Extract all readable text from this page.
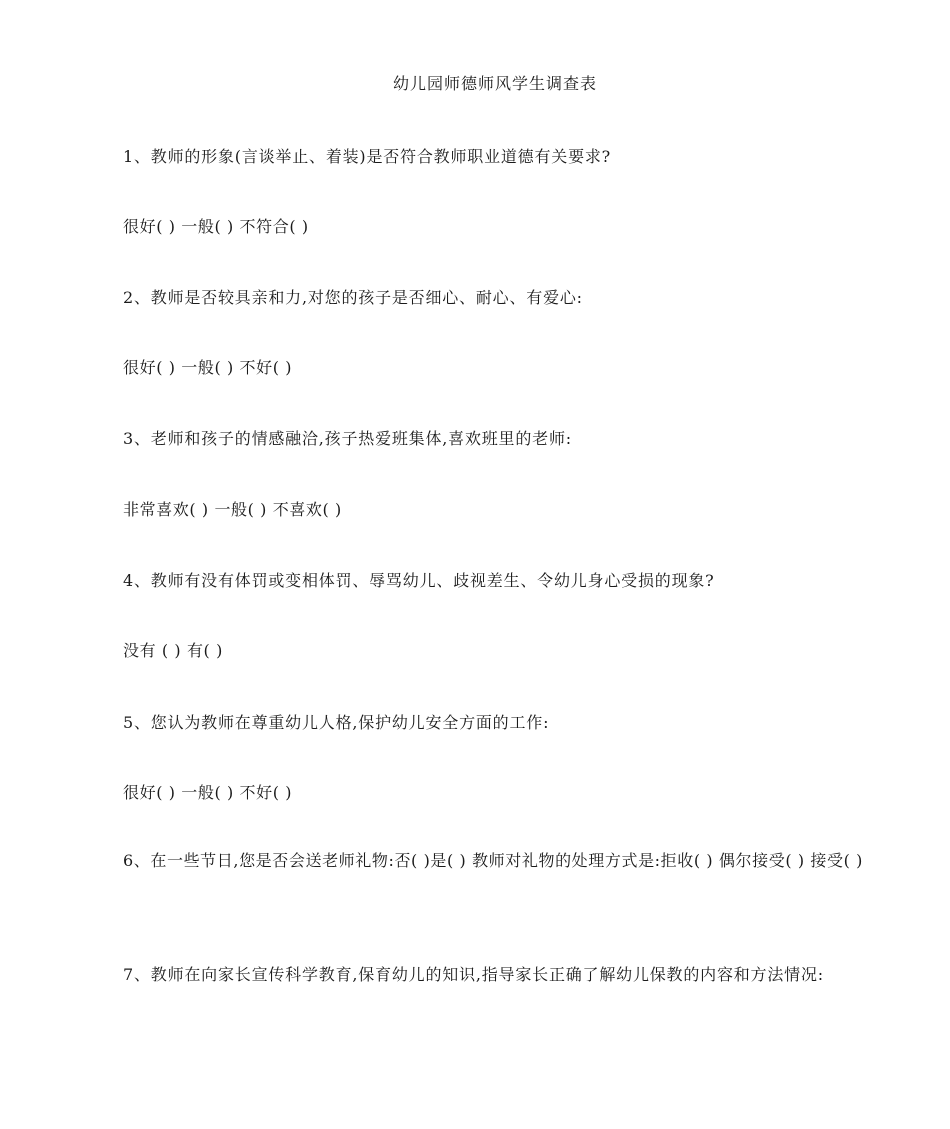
幼儿园师德师风学生调查表
1、教师的形象(言谈举止、着装)是否符合教师职业道德有关要求?
很好( ) 一般( ) 不符合( )
2、教师是否较具亲和力,对您的孩子是否细心、耐心、有爱心:
很好( ) 一般( ) 不好( )
3、老师和孩子的情感融洽,孩子热爱班集体,喜欢班里的老师:
非常喜欢( ) 一般( ) 不喜欢( )
4、教师有没有体罚或变相体罚、辱骂幼儿、歧视差生、令幼儿身心受损的现象?
没有 ( ) 有( )
5、您认为教师在尊重幼儿人格,保护幼儿安全方面的工作:
很好( ) 一般( ) 不好( )
6、在一些节日,您是否会送老师礼物:否( )是( ) 教师对礼物的处理方式是:拒收( ) 偶尔接受( ) 接受( )
7、教师在向家长宣传科学教育,保育幼儿的知识,指导家长正确了解幼儿保教的内容和方法情况:
